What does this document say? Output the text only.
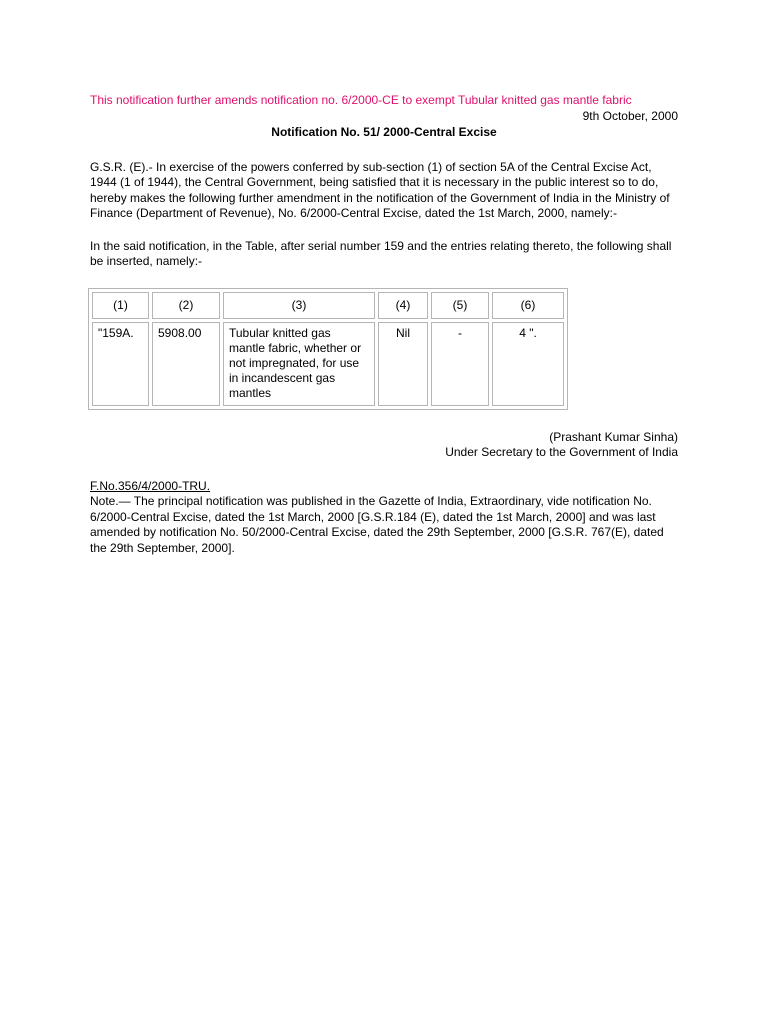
This notification further amends notification no. 6/2000-CE to exempt Tubular knitted gas mantle fabric

9th October, 2000

Notification No. 51/ 2000-Central Excise

G.S.R. (E).- In exercise of the powers conferred by sub-section (1) of section 5A of the Central Excise Act, 1944 (1 of 1944), the Central Government, being satisfied that it is necessary in the public interest so to do, hereby makes the following further amendment in the notification of the Government of India in the Ministry of Finance (Department of Revenue), No. 6/2000-Central Excise, dated the 1st March, 2000, namely:-

In the said notification, in the Table, after serial number 159 and the entries relating thereto, the following shall be inserted, namely:-

(1)	(2)	(3)	(4)	(5)	(6)
"159A.	5908.00	Tubular knitted gas mantle fabric, whether or not impregnated, for use in incandescent gas mantles	Nil	-	4 ".

(Prashant Kumar Sinha)

Under Secretary to the Government of India

F.No.356/4/2000-TRU.

Note.— The principal notification was published in the Gazette of India, Extraordinary, vide notification No. 6/2000-Central Excise, dated the 1st March, 2000 [G.S.R.184 (E), dated the 1st March, 2000] and was last amended by notification No. 50/2000-Central Excise, dated the 29th September, 2000 [G.S.R. 767(E), dated the 29th September, 2000].
